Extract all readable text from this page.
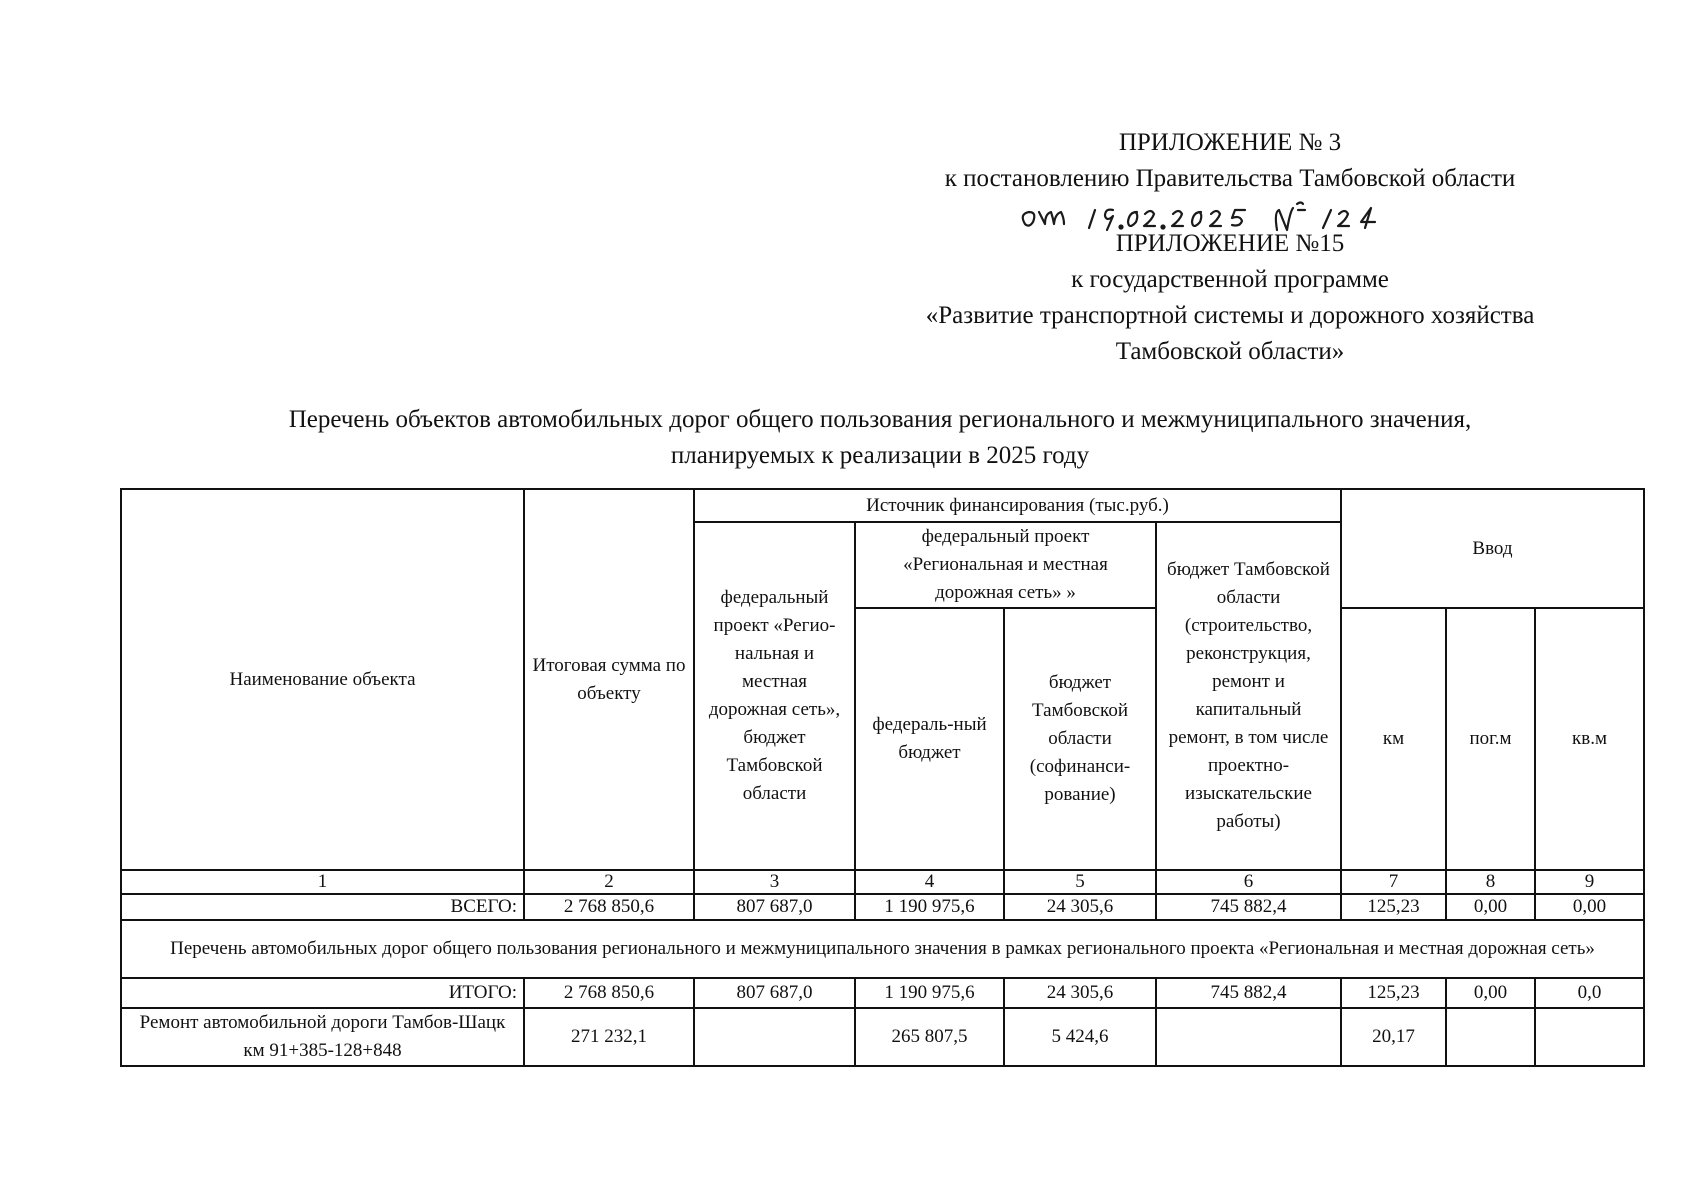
ПРИЛОЖЕНИЕ № 3
к постановлению Правительства Тамбовской области
ПРИЛОЖЕНИЕ №15
к государственной программе
«Развитие транспортной системы и дорожного хозяйства
Тамбовской области»
Перечень объектов автомобильных дорог общего пользования регионального и межмуниципального значения,
планируемых к реализации в 2025 году
Наименование объекта	Итоговая сумма по объекту	Источник финансирования (тыс.руб.)				Ввод		
		федеральный проект «Регио-нальная и местная дорожная сеть», бюджет Тамбовской области	федеральный проект «Региональная и местная дорожная сеть» »		бюджет Тамбовской области (строительство, реконструкция, ремонт и капитальный ремонт, в том числе проектно-изыскательские работы)			
			федераль-ный бюджет	бюджет Тамбовской области (софинанси-рование)		км	пог.м	кв.м
1	2	3	4	5	6	7	8	9
ВСЕГО:	2 768 850,6	807 687,0	1 190 975,6	24 305,6	745 882,4	125,23	0,00	0,00
Перечень автомобильных дорог общего пользования регионального и межмуниципального значения в рамках регионального проекта «Региональная и местная дорожная сеть»								
ИТОГО:	2 768 850,6	807 687,0	1 190 975,6	24 305,6	745 882,4	125,23	0,00	0,0
Ремонт автомобильной дороги Тамбов-Шацк км 91+385-128+848	271 232,1		265 807,5	5 424,6		20,17		
